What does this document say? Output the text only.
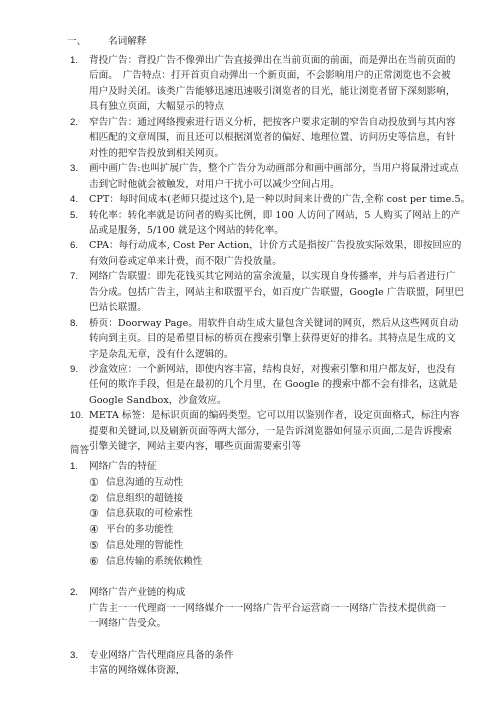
一、 名词解释
1. 背投广告：背投广告不像弹出广告直接弹出在当前页面的前面，而是弹出在当前页面的
后面。　广告特点：打开首页自动弹出一个新页面，不会影响用户的正常浏览也不会被
用户及时关闭。该类广告能够迅速迅速吸引浏览者的目光，能让浏览者留下深刻影响，
具有独立页面，大幅显示的特点
2. 窄告广告：通过网络搜索进行语义分析，把按客户要求定制的窄告自动投放到与其内容
相匹配的文章周围，而且还可以根据浏览者的偏好、地理位置、访问历史等信息，有针
对性的把窄告投放到相关网页。
3. 画中画广告:也叫扩展广告，整个广告分为动画部分和画中画部分，当用户将鼠滑过或点
击到它时他就会被触发，对用户干扰小可以减少空间占用。
4. CPT：每时间成本(老师只提过这个),是一种以时间来计费的广告,全称 cost per time.5。
5. 转化率：转化率就是访问者的购买比例，即 100 人访问了网站，5 人购买了网站上的产
品或是服务，5/100 就是这个网站的转化率。
6. CPA：每行动成本, Cost Per Action，计价方式是指按广告投放实际效果，即按回应的
有效问卷或定单来计费，而不限广告投放量。
7. 网络广告联盟：即先花钱买其它网站的富余流量，以实现自身传播率，并与后者进行广
告分成。包括广告主，网站主和联盟平台，如百度广告联盟，Google 广告联盟，阿里巴
巴站长联盟。
8. 桥页：Doorway Page。用软件自动生成大量包含关键词的网页，然后从这些网页自动
转向到主页。目的是希望目标的桥页在搜索引擎上获得更好的排名。其特点是生成的文
字是杂乱无章，没有什么逻辑的。
9. 沙盒效应：一个新网站，即使内容丰富，结构良好，对搜索引擎和用户都友好，也没有
任何的欺诈手段，但是在最初的几个月里，在 Google 的搜索中都不会有排名，这就是
Google Sandbox，沙盒效应。
10. META 标签：是标识页面的编码类型。它可以用以鉴别作者，设定页面格式，标注内容
提要和关键词,以及刷新页面等两大部分，一是告诉浏览器如何显示页面,二是告诉搜索
引擎关键字，网站主要内容，哪些页面需要索引等
简答
1. 网络广告的特征
① 信息沟通的互动性
② 信息组织的超链接
③ 信息获取的可检索性
④ 平台的多功能性
⑤ 信息处理的智能性
⑥ 信息传输的系统依赖性
2. 网络广告产业链的构成
广告主一一代理商一一网络媒介一一网络广告平台运营商一一网络广告技术提供商一
一网络广告受众。
3. 专业网络广告代理商应具备的条件
丰富的网络媒体资源，
